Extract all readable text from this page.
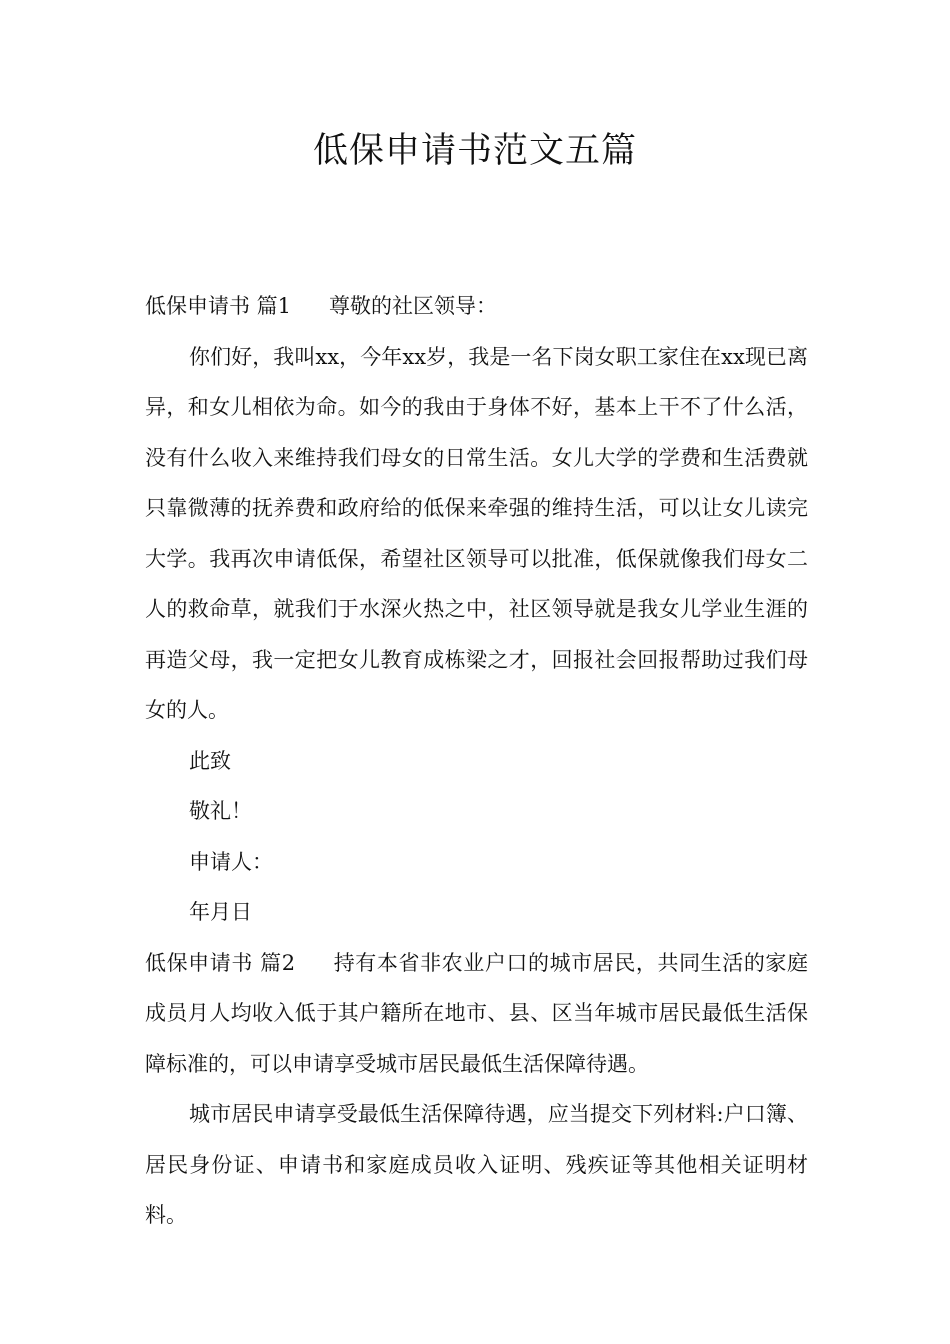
低保申请书范文五篇

低保申请书 篇1 尊敬的社区领导：

你们好，我叫xx，今年xx岁，我是一名下岗女职工家住在xx现已离异，和女儿相依为命。如今的我由于身体不好，基本上干不了什么活，没有什么收入来维持我们母女的日常生活。女儿大学的学费和生活费就只靠微薄的抚养费和政府给的低保来牵强的维持生活，可以让女儿读完大学。我再次申请低保，希望社区领导可以批准，低保就像我们母女二人的救命草，就我们于水深火热之中，社区领导就是我女儿学业生涯的再造父母，我一定把女儿教育成栋梁之才，回报社会回报帮助过我们母女的人。

此致

敬礼！

申请人：

年月日

低保申请书 篇2 持有本省非农业户口的城市居民，共同生活的家庭成员月人均收入低于其户籍所在地市、县、区当年城市居民最低生活保障标准的，可以申请享受城市居民最低生活保障待遇。

城市居民申请享受最低生活保障待遇，应当提交下列材料:户口簿、居民身份证、申请书和家庭成员收入证明、残疾证等其他相关证明材料。
